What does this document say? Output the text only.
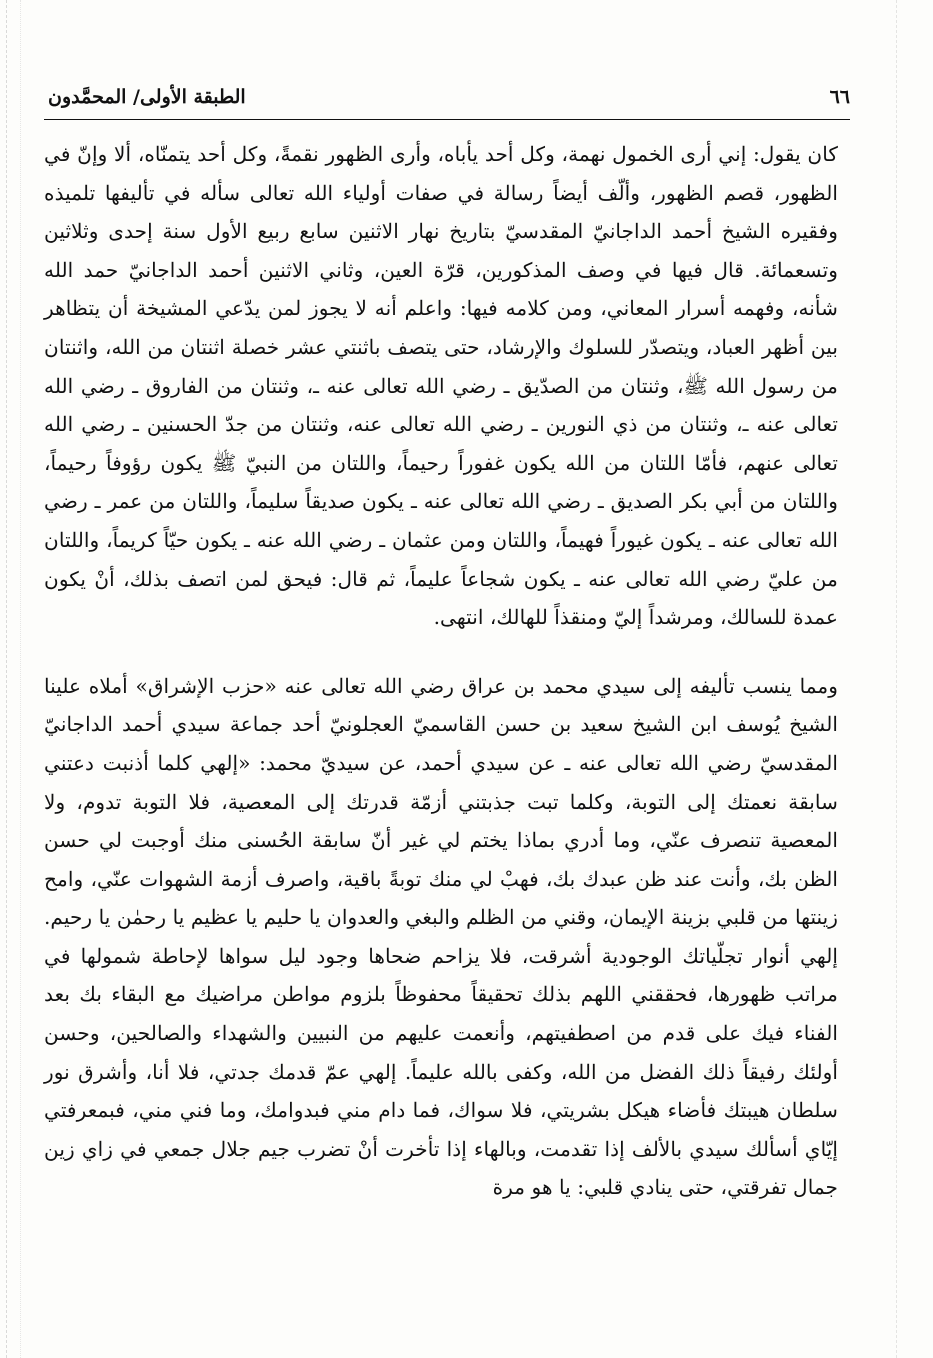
٦٦
الطبقة الأولى/ المحمَّدون

كان يقول: إني أرى الخمول نهمة، وكل أحد يأباه، وأرى الظهور نقمةً، وكل أحد يتمنّاه، ألا وإنّ في الظهور، قصم الظهور، وألّف أيضاً رسالة في صفات أولياء الله تعالى سأله في تأليفها تلميذه وفقيره الشيخ أحمد الداجانيّ المقدسيّ بتاريخ نهار الاثنين سابع ربيع الأول سنة إحدى وثلاثين وتسعمائة. قال فيها في وصف المذكورين، قرّة العين، وثاني الاثنين أحمد الداجانيّ حمد الله شأنه، وفهمه أسرار المعاني، ومن كلامه فيها: واعلم أنه لا يجوز لمن يدّعي المشيخة أن يتظاهر بين أظهر العباد، ويتصدّر للسلوك والإرشاد، حتى يتصف باثنتي عشر خصلة اثنتان من الله، واثنتان من رسول الله ﷺ، وثنتان من الصدّيق ـ رضي الله تعالى عنه ـ، وثنتان من الفاروق ـ رضي الله تعالى عنه ـ، وثنتان من ذي النورين ـ رضي الله تعالى عنه، وثنتان من جدّ الحسنين ـ رضي الله تعالى عنهم، فأمّا اللتان من الله يكون غفوراً رحيماً، واللتان من النبيّ ﷺ يكون رؤوفاً رحيماً، واللتان من أبي بكر الصديق ـ رضي الله تعالى عنه ـ يكون صديقاً سليماً، واللتان من عمر ـ رضي الله تعالى عنه ـ يكون غيوراً فهيماً، واللتان ومن عثمان ـ رضي الله عنه ـ يكون حيّاً كريماً، واللتان من عليّ رضي الله تعالى عنه ـ يكون شجاعاً عليماً، ثم قال: فيحق لمن اتصف بذلك، أنْ يكون عمدة للسالك، ومرشداً إليّ ومنقذاً للهالك، انتهى.

ومما ينسب تأليفه إلى سيدي محمد بن عراق رضي الله تعالى عنه «حزب الإشراق» أملاه علينا الشيخ يُوسف ابن الشيخ سعيد بن حسن القاسميّ العجلونيّ أحد جماعة سيدي أحمد الداجانيّ المقدسيّ رضي الله تعالى عنه ـ عن سيدي أحمد، عن سيديّ محمد: «إلهي كلما أذنبت دعتني سابقة نعمتك إلى التوبة، وكلما تبت جذبتني أزمّة قدرتك إلى المعصية، فلا التوبة تدوم، ولا المعصية تنصرف عنّي، وما أدري بماذا يختم لي غير أنّ سابقة الحُسنى منك أوجبت لي حسن الظن بك، وأنت عند ظن عبدك بك، فهبْ لي منك توبةً باقية، واصرف أزمة الشهوات عنّي، وامح زينتها من قلبي بزينة الإيمان، وقني من الظلم والبغي والعدوان يا حليم يا عظيم يا رحمٰن يا رحيم. إلهي أنوار تجلّياتك الوجودية أشرقت، فلا يزاحم ضحاها وجود ليل سواها لإحاطة شمولها في مراتب ظهورها، فحققني اللهم بذلك تحقيقاً محفوظاً بلزوم مواطن مراضيك مع البقاء بك بعد الفناء فيك على قدم من اصطفيتهم، وأنعمت عليهم من النبيين والشهداء والصالحين، وحسن أولئك رفيقاً ذلك الفضل من الله، وكفى بالله عليماً. إلهي عمّ قدمك جدتي، فلا أنا، وأشرق نور سلطان هيبتك فأضاء هيكل بشريتي، فلا سواك، فما دام مني فبدوامك، وما فني مني، فبمعرفتي إيّاي أسألك سيدي بالألف إذا تقدمت، وبالهاء إذا تأخرت أنْ تضرب جيم جلال جمعي في زاي زين جمال تفرقتي، حتى ينادي قلبي: يا هو مرة
